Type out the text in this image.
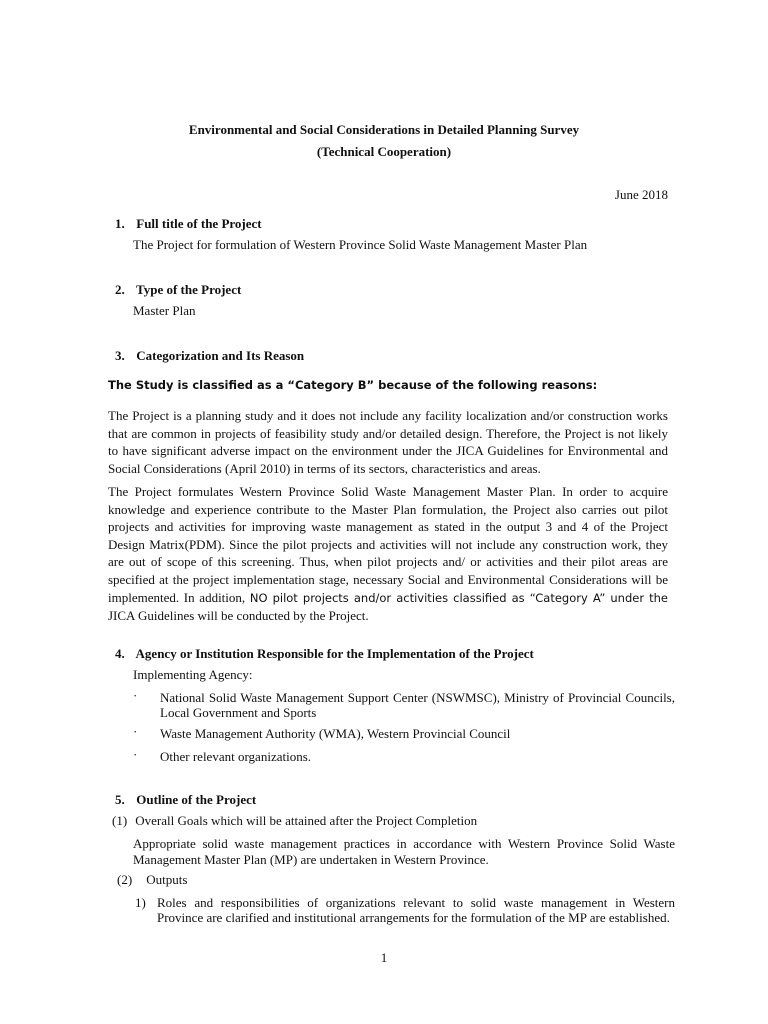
Environmental and Social Considerations in Detailed Planning Survey
(Technical Cooperation)
June 2018
1. Full title of the Project
The Project for formulation of Western Province Solid Waste Management Master Plan
2. Type of the Project
Master Plan
3. Categorization and Its Reason
The Study is classified as a “Category B” because of the following reasons:
The Project is a planning study and it does not include any facility localization and/or construction works that are common in projects of feasibility study and/or detailed design. Therefore, the Project is not likely to have significant adverse impact on the environment under the JICA Guidelines for Environmental and Social Considerations (April 2010) in terms of its sectors, characteristics and areas.
The Project formulates Western Province Solid Waste Management Master Plan. In order to acquire knowledge and experience contribute to the Master Plan formulation, the Project also carries out pilot projects and activities for improving waste management as stated in the output 3 and 4 of the Project Design Matrix(PDM). Since the pilot projects and activities will not include any construction work, they are out of scope of this screening. Thus, when pilot projects and/ or activities and their pilot areas are specified at the project implementation stage, necessary Social and Environmental Considerations will be implemented. In addition, NO pilot projects and/or activities classified as “Category A” under the JICA Guidelines will be conducted by the Project.
4. Agency or Institution Responsible for the Implementation of the Project
Implementing Agency:
· National Solid Waste Management Support Center (NSWMSC), Ministry of Provincial Councils, Local Government and Sports
· Waste Management Authority (WMA), Western Provincial Council
· Other relevant organizations.
5. Outline of the Project
(1) Overall Goals which will be attained after the Project Completion
Appropriate solid waste management practices in accordance with Western Province Solid Waste Management Master Plan (MP) are undertaken in Western Province.
(2) Outputs
1) Roles and responsibilities of organizations relevant to solid waste management in Western Province are clarified and institutional arrangements for the formulation of the MP are established.
1
